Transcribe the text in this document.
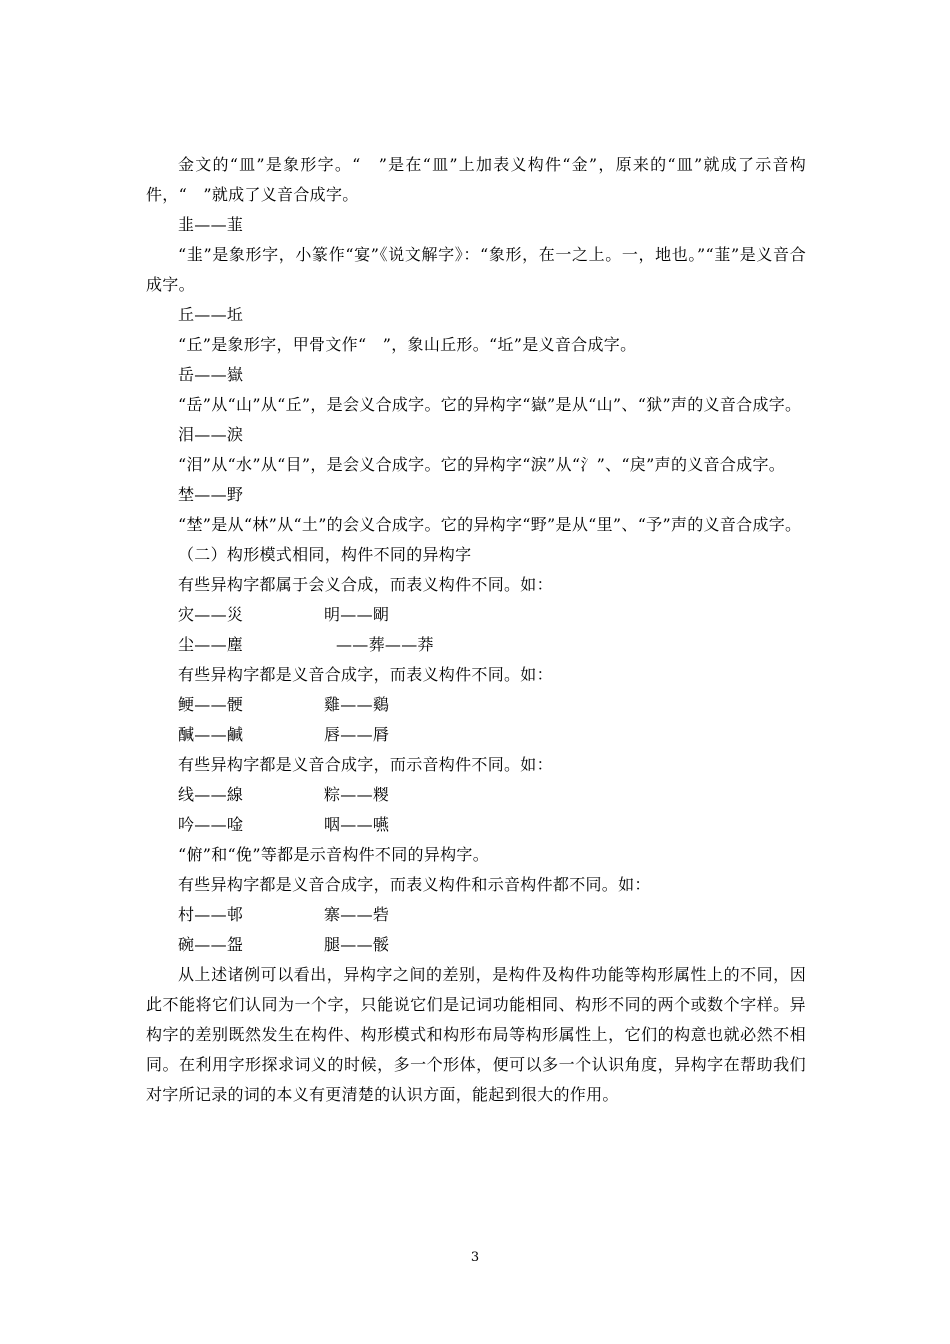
金文的“皿”是象形字。“　”是在“皿”上加表义构件“金”，原来的“皿”就成了示音构件，“　”就成了义音合成字。

韭——韮

“韭”是象形字，小篆作“宴”《说文解字》：“象形，在一之上。一，地也。”“韮”是义音合成字。

丘——坵

“丘”是象形字，甲骨文作“　”，象山丘形。“坵”是义音合成字。

岳——嶽

“岳”从“山”从“丘”，是会义合成字。它的异构字“嶽”是从“山”、“狱”声的义音合成字。

泪——淚

“泪”从“水”从“目”，是会义合成字。它的异构字“淚”从“氵”、“戾”声的义音合成字。

埜——野

“埜”是从“林”从“土”的会义合成字。它的异构字“野”是从“里”、“予”声的义音合成字。

（二）构形模式相同，构件不同的异构字

有些异构字都属于会义合成，而表义构件不同。如：

灾——災	明——朙
尘——塵	——葬——莽

有些异构字都是义音合成字，而表义构件不同。如：

鲠——骾	雞——鷄
醎——鹹	唇——脣

有些异构字都是义音合成字，而示音构件不同。如：

线——線	粽——糉
吟——唫	咽——嚥

“俯”和“俛”等都是示音构件不同的异构字。

有些异构字都是义音合成字，而表义构件和示音构件都不同。如：

村——邨	寨——砦
碗——盌	腿——骽

从上述诸例可以看出，异构字之间的差别，是构件及构件功能等构形属性上的不同，因此不能将它们认同为一个字，只能说它们是记词功能相同、构形不同的两个或数个字样。异构字的差别既然发生在构件、构形模式和构形布局等构形属性上，它们的构意也就必然不相同。在利用字形探求词义的时候，多一个形体，便可以多一个认识角度，异构字在帮助我们对字所记录的词的本义有更清楚的认识方面，能起到很大的作用。

3
